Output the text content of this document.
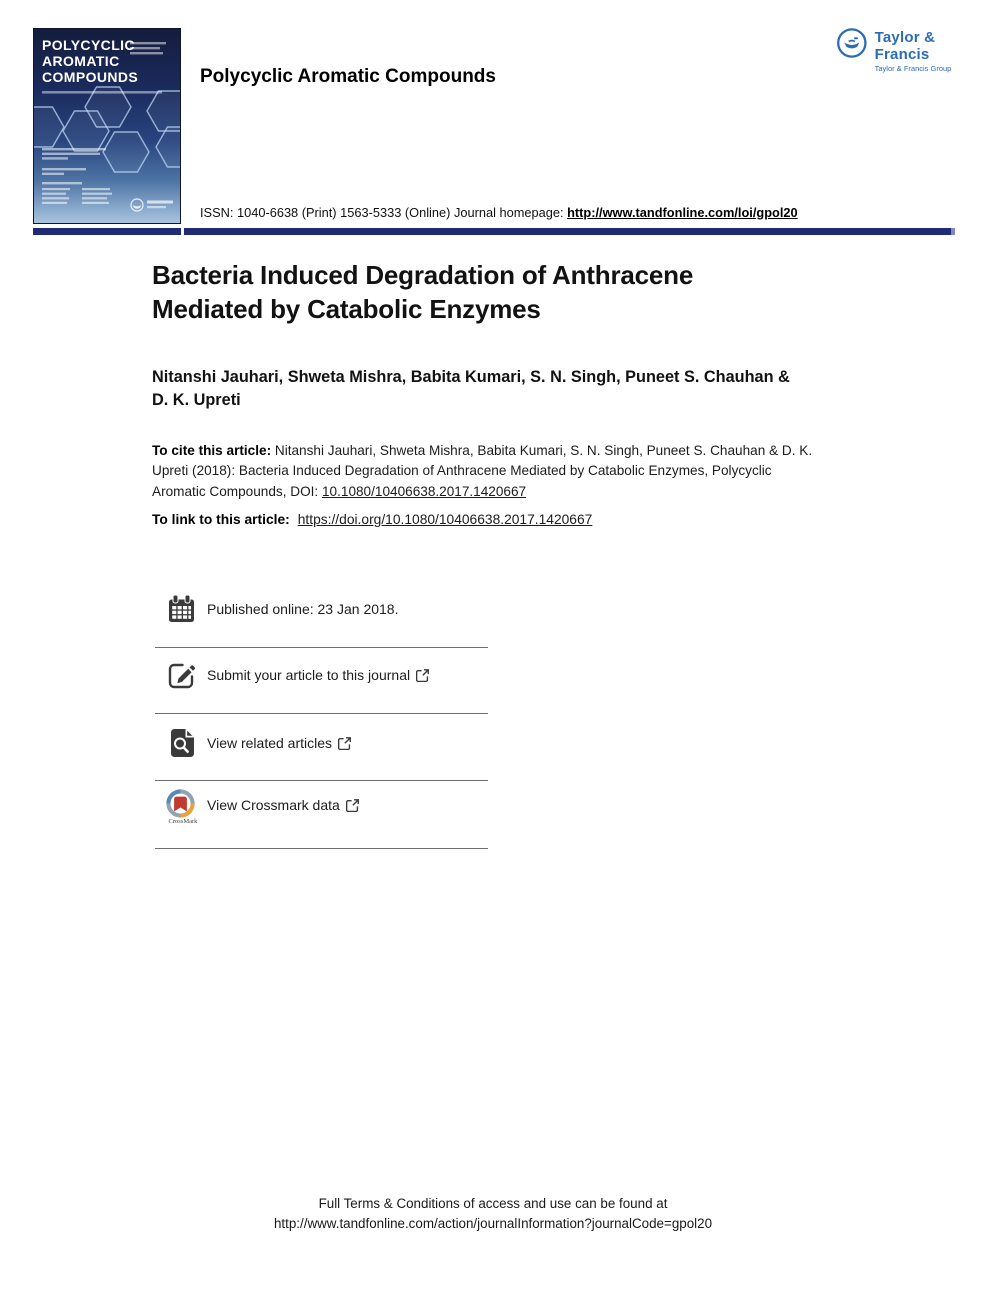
POLYCYCLIC
AROMATIC
COMPOUNDS
Taylor & Francis
Taylor & Francis Group
Polycyclic Aromatic Compounds
ISSN: 1040-6638 (Print) 1563-5333 (Online) Journal homepage: http://www.tandfonline.com/loi/gpol20
Bacteria Induced Degradation of Anthracene Mediated by Catabolic Enzymes
Nitanshi Jauhari, Shweta Mishra, Babita Kumari, S. N. Singh, Puneet S. Chauhan & D. K. Upreti

To cite this article: Nitanshi Jauhari, Shweta Mishra, Babita Kumari, S. N. Singh, Puneet S. Chauhan & D. K. Upreti (2018): Bacteria Induced Degradation of Anthracene Mediated by Catabolic Enzymes, Polycyclic Aromatic Compounds, DOI: 10.1080/10406638.2017.1420667

To link to this article: https://doi.org/10.1080/10406638.2017.1420667

Published online: 23 Jan 2018.
Submit your article to this journal
View related articles
CrossMark
View Crossmark data
Full Terms & Conditions of access and use can be found at
http://www.tandfonline.com/action/journalInformation?journalCode=gpol20
